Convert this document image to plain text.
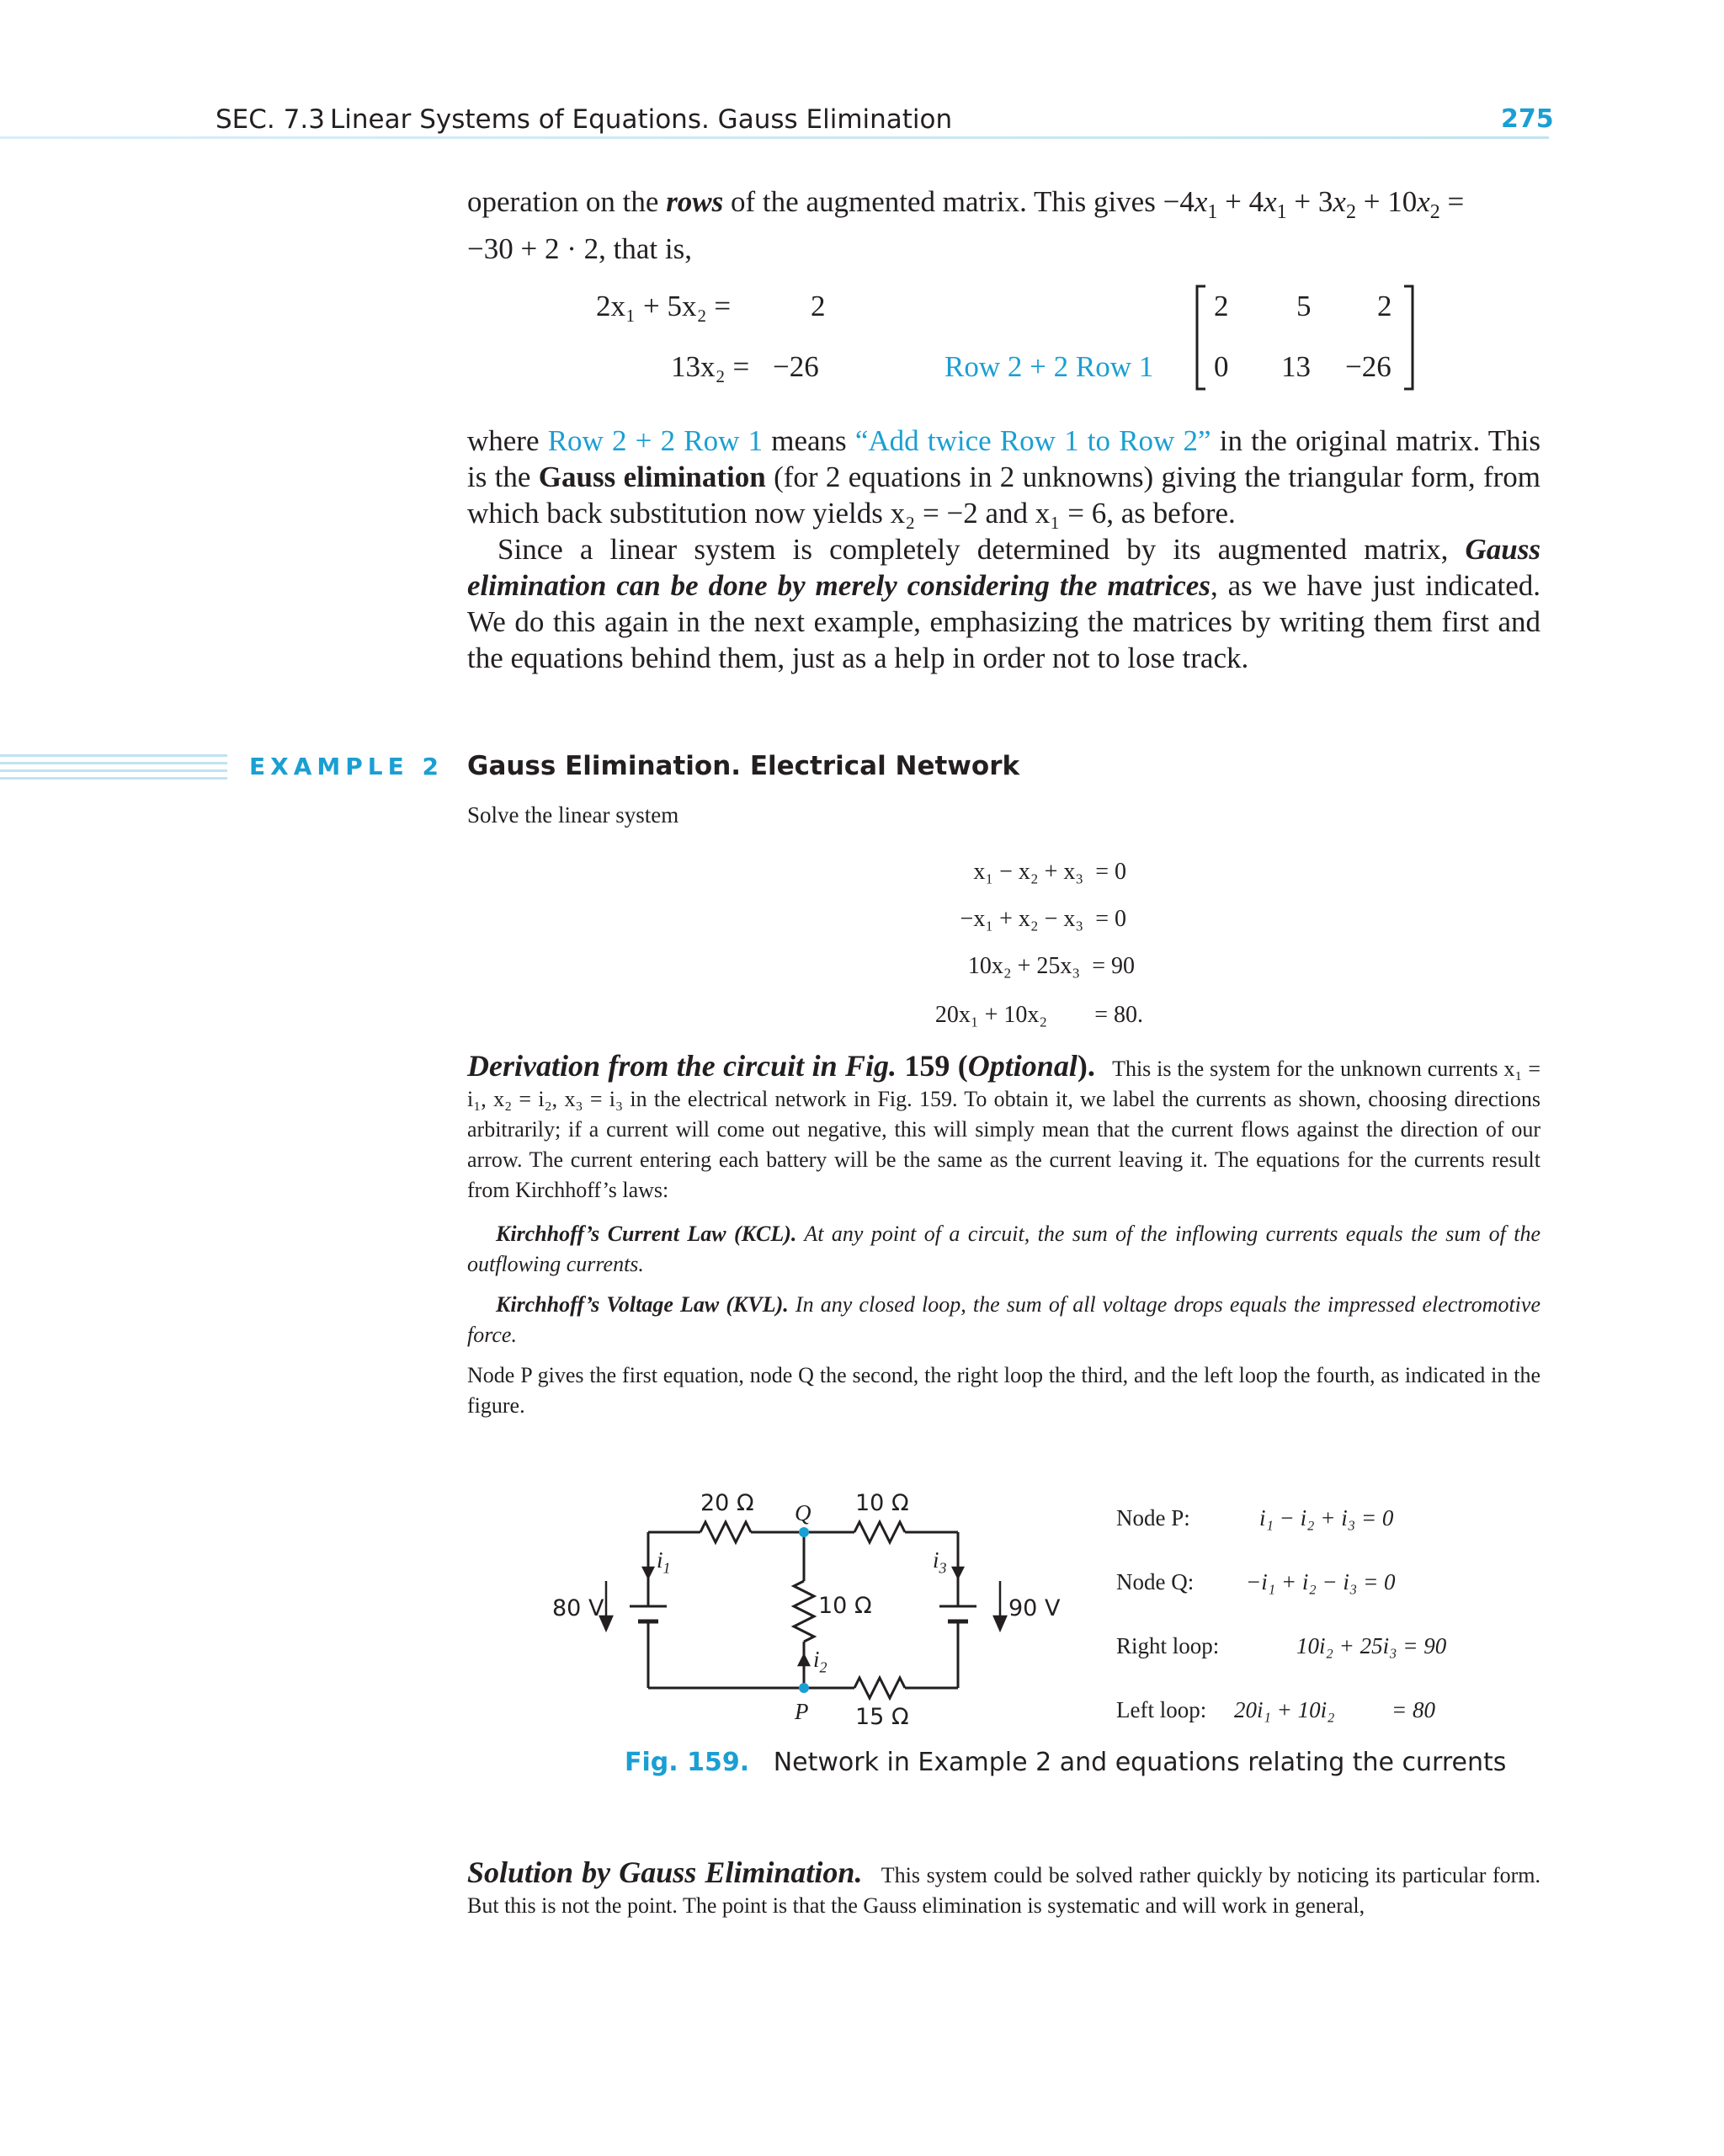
SEC. 7.3 Linear Systems of Equations. Gauss Elimination	275
operation on the rows of the augmented matrix. This gives $-4x_1 + 4x_1 + 3x_2 + 10x_2$ =
−30 + 2 · 2, that is,
2x₁ + 5x₂ =	2
13x₂ = −26	Row 2 + 2 Row 1
2 5 2
0 13 −26
where Row 2 + 2 Row 1 means “Add twice Row 1 to Row 2” in the original matrix. This is the Gauss elimination (for 2 equations in 2 unknowns) giving the triangular form, from which back substitution now yields x₂ = −2 and x₁ = 6, as before.
Since a linear system is completely determined by its augmented matrix, Gauss elimination can be done by merely considering the matrices, as we have just indicated. We do this again in the next example, emphasizing the matrices by writing them first and the equations behind them, just as a help in order not to lose track.
EXAMPLE 2 Gauss Elimination. Electrical Network
Solve the linear system
x₁ − x₂ + x₃ = 0
−x₁ + x₂ − x₃ = 0
10x₂ + 25x₃ = 90
20x₁ + 10x₂ = 80.
Derivation from the circuit in Fig. 159 (Optional). This is the system for the unknown currents x₁ = i₁, x₂ = i₂, x₃ = i₃ in the electrical network in Fig. 159. To obtain it, we label the currents as shown, choosing directions arbitrarily; if a current will come out negative, this will simply mean that the current flows against the direction of our arrow. The current entering each battery will be the same as the current leaving it. The equations for the currents result from Kirchhoff’s laws:
Kirchhoff’s Current Law (KCL). At any point of a circuit, the sum of the inflowing currents equals the sum of the outflowing currents.
Kirchhoff’s Voltage Law (KVL). In any closed loop, the sum of all voltage drops equals the impressed electromotive force.
Node P gives the first equation, node Q the second, the right loop the third, and the left loop the fourth, as indicated in the figure.
20 Ω	10 Ω
Q
10 Ω
15 Ω
P
80 V	90 V
$i_1$	$i_3$
$i_2$
Node P:	i₁ − i₂ + i₃ = 0
Node Q: −i₁ + i₂ − i₃ = 0
Right loop:	10i₂ + 25i₃ = 90
Left loop: 20i₁ + 10i₂          = 80
Fig. 159. Network in Example 2 and equations relating the currents
Solution by Gauss Elimination. This system could be solved rather quickly by noticing its particular form. But this is not the point. The point is that the Gauss elimination is systematic and will work in general,
